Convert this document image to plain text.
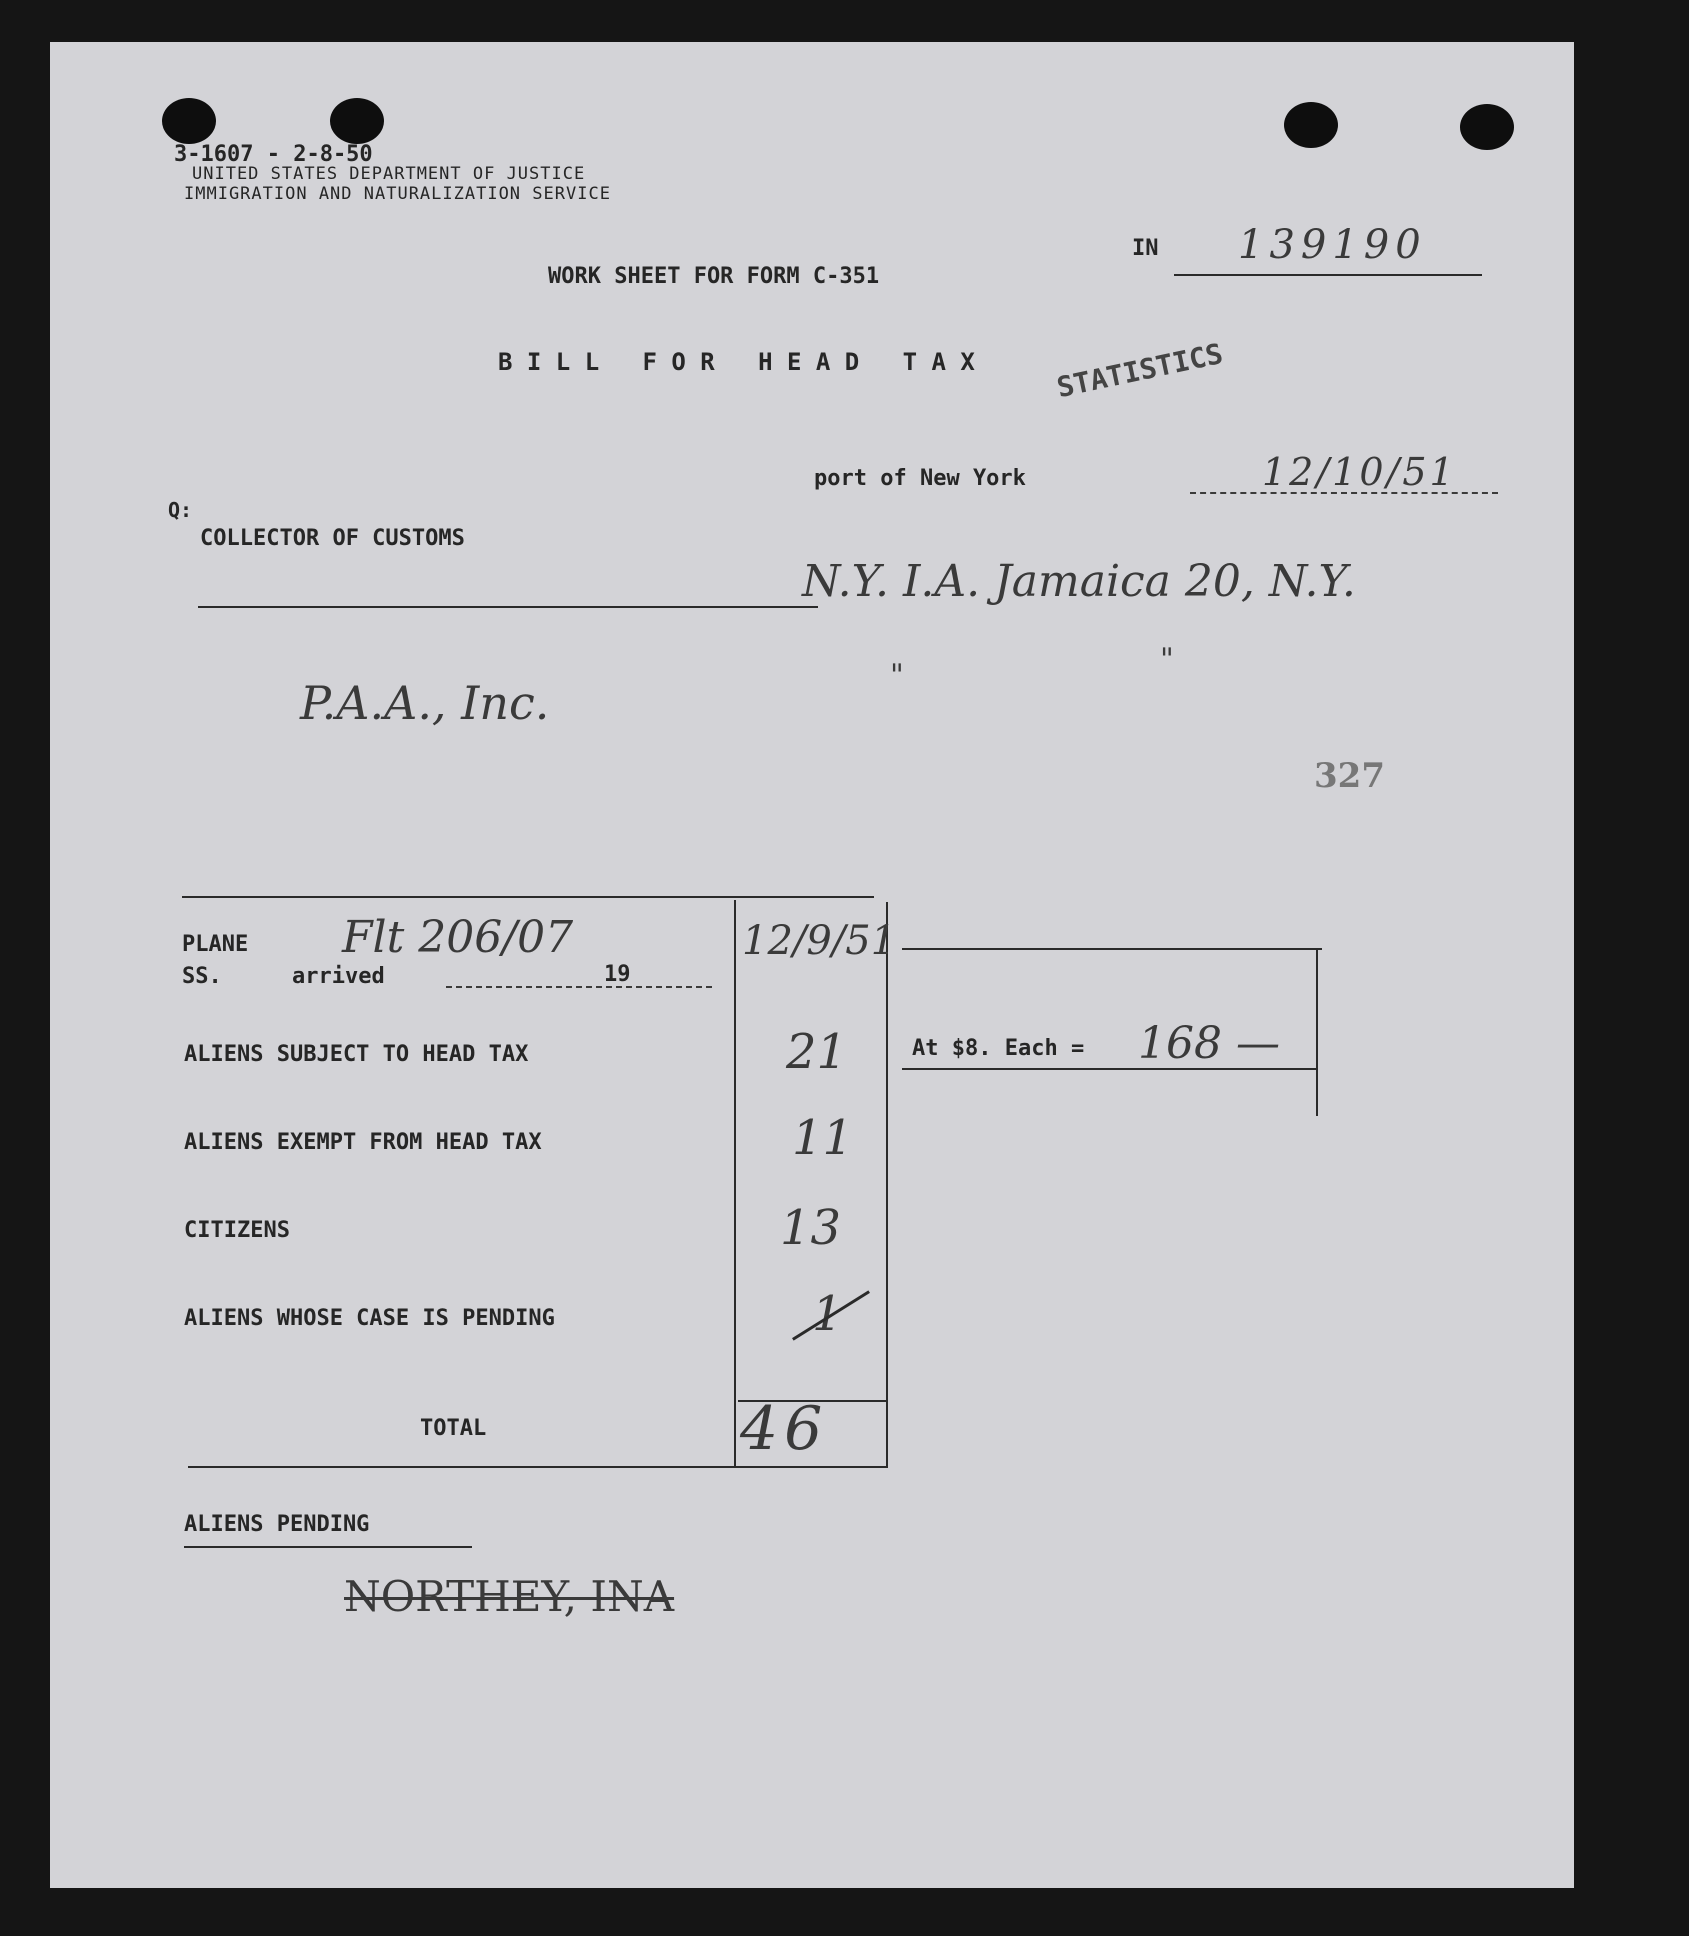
3-1607 - 2-8-50
UNITED STATES DEPARTMENT OF JUSTICE
IMMIGRATION AND NATURALIZATION SERVICE
IN 139190
WORK SHEET FOR FORM C-351
B I L L   F O R   H E A D   T A X	STATISTICS
port of New York	12/10/51
Q:
COLLECTOR OF CUSTOMS
N.Y. I.A. Jamaica 20, N.Y.
"	"
P.A.A., Inc.
327
PLANE
SS.	arrived	19
Flt 206/07	12/9/51
ALIENS SUBJECT TO HEAD TAX	21
ALIENS EXEMPT FROM HEAD TAX	11
CITIZENS	13
ALIENS WHOSE CASE IS PENDING	1
TOTAL	46
At $8. Each = 168 —
ALIENS PENDING
NORTHEY, INA
